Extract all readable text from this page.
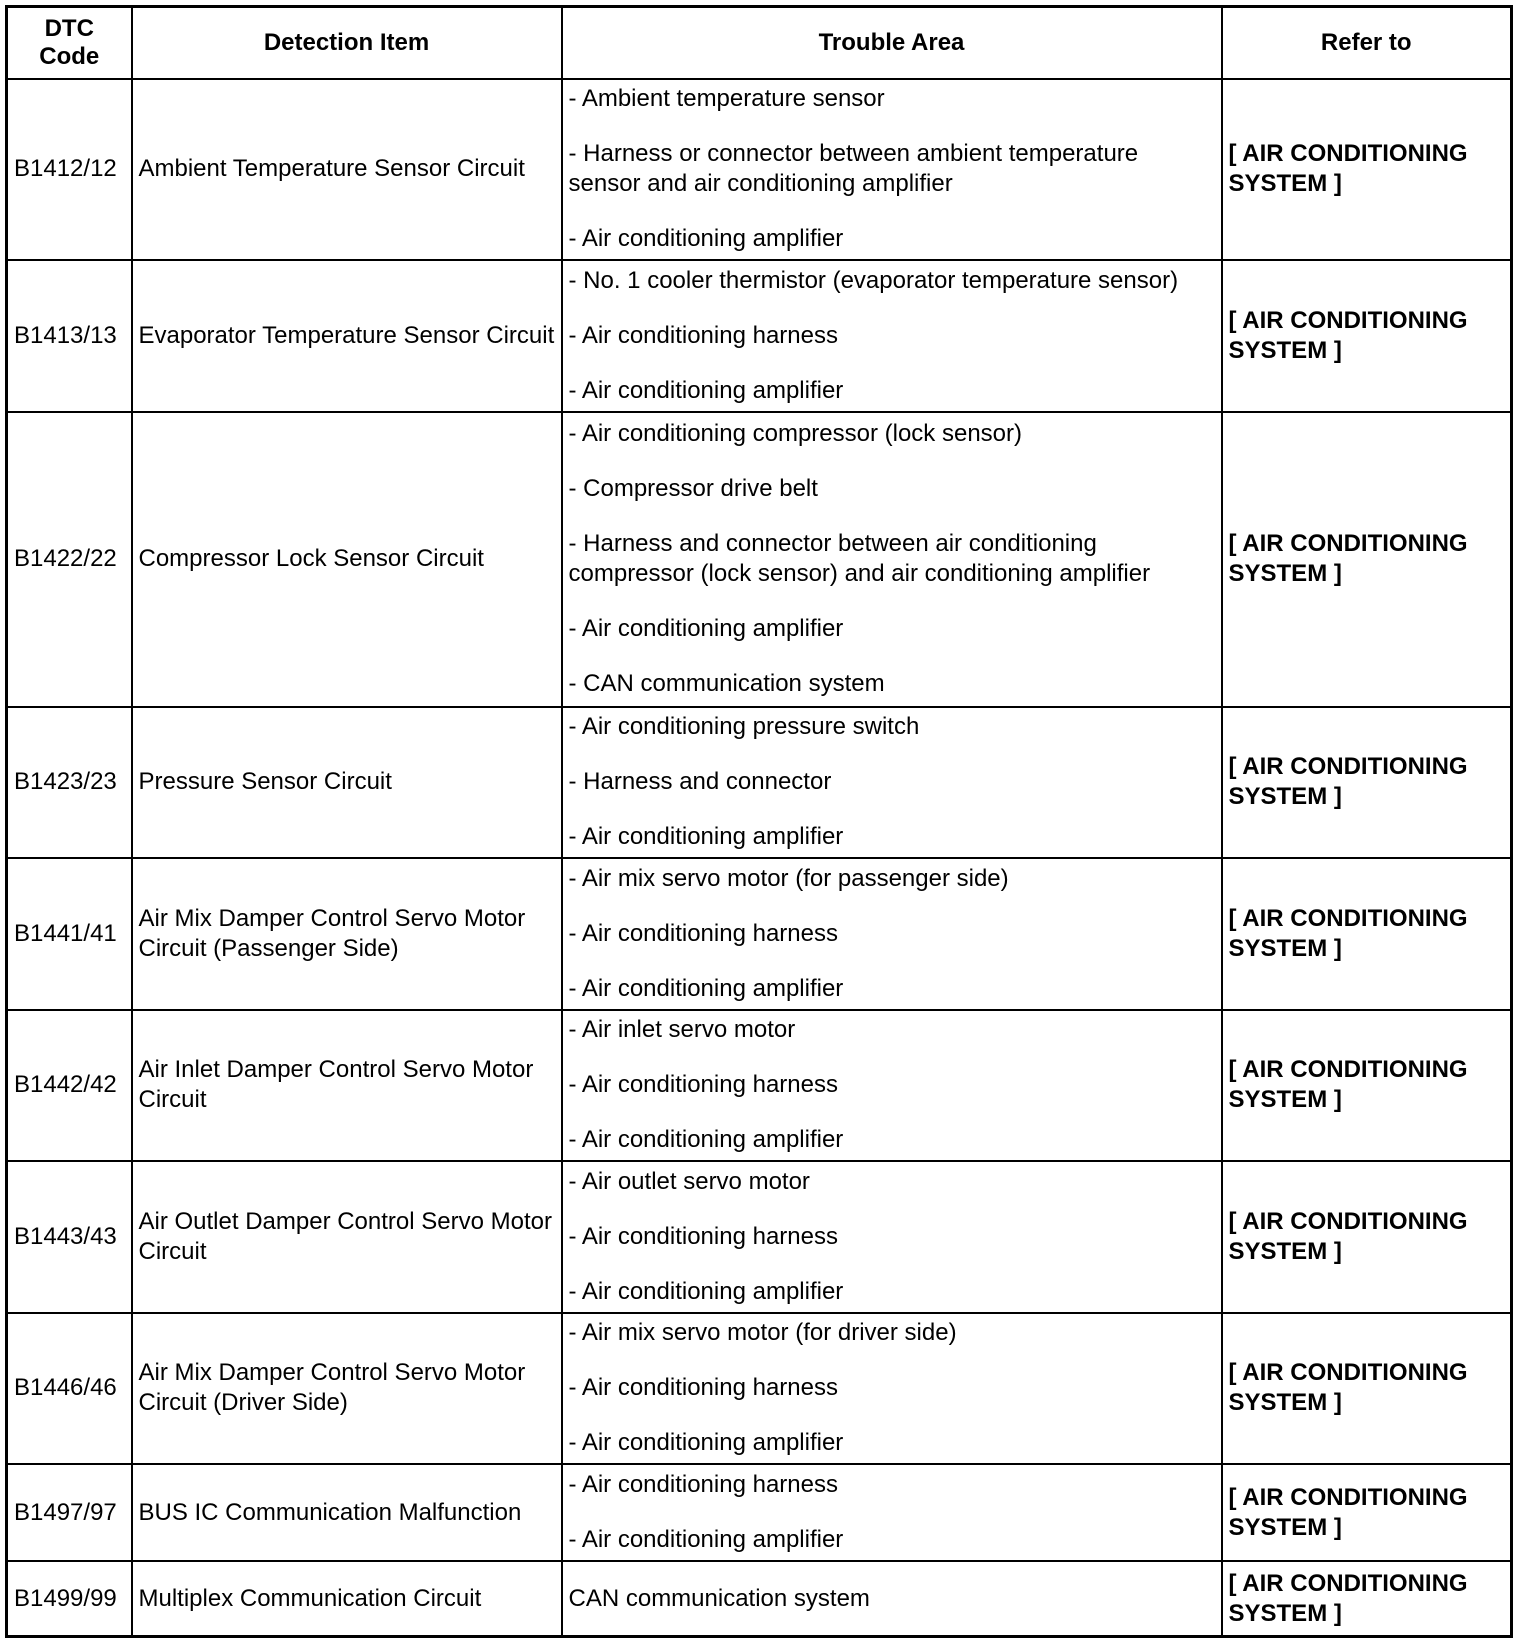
DTC Code	Detection Item	Trouble Area	Refer to
B1412/12	Ambient Temperature Sensor Circuit	- Ambient temperature sensor
- Harness or connector between ambient temperature sensor and air conditioning amplifier
- Air conditioning amplifier	[ AIR CONDITIONING SYSTEM ]
B1413/13	Evaporator Temperature Sensor Circuit	- No. 1 cooler thermistor (evaporator temperature sensor)
- Air conditioning harness
- Air conditioning amplifier	[ AIR CONDITIONING SYSTEM ]
B1422/22	Compressor Lock Sensor Circuit	- Air conditioning compressor (lock sensor)
- Compressor drive belt
- Harness and connector between air conditioning compressor (lock sensor) and air conditioning amplifier
- Air conditioning amplifier
- CAN communication system	[ AIR CONDITIONING SYSTEM ]
B1423/23	Pressure Sensor Circuit	- Air conditioning pressure switch
- Harness and connector
- Air conditioning amplifier	[ AIR CONDITIONING SYSTEM ]
B1441/41	Air Mix Damper Control Servo Motor Circuit (Passenger Side)	- Air mix servo motor (for passenger side)
- Air conditioning harness
- Air conditioning amplifier	[ AIR CONDITIONING SYSTEM ]
B1442/42	Air Inlet Damper Control Servo Motor Circuit	- Air inlet servo motor
- Air conditioning harness
- Air conditioning amplifier	[ AIR CONDITIONING SYSTEM ]
B1443/43	Air Outlet Damper Control Servo Motor Circuit	- Air outlet servo motor
- Air conditioning harness
- Air conditioning amplifier	[ AIR CONDITIONING SYSTEM ]
B1446/46	Air Mix Damper Control Servo Motor Circuit (Driver Side)	- Air mix servo motor (for driver side)
- Air conditioning harness
- Air conditioning amplifier	[ AIR CONDITIONING SYSTEM ]
B1497/97	BUS IC Communication Malfunction	- Air conditioning harness
- Air conditioning amplifier	[ AIR CONDITIONING SYSTEM ]
B1499/99	Multiplex Communication Circuit	CAN communication system	[ AIR CONDITIONING SYSTEM ]
